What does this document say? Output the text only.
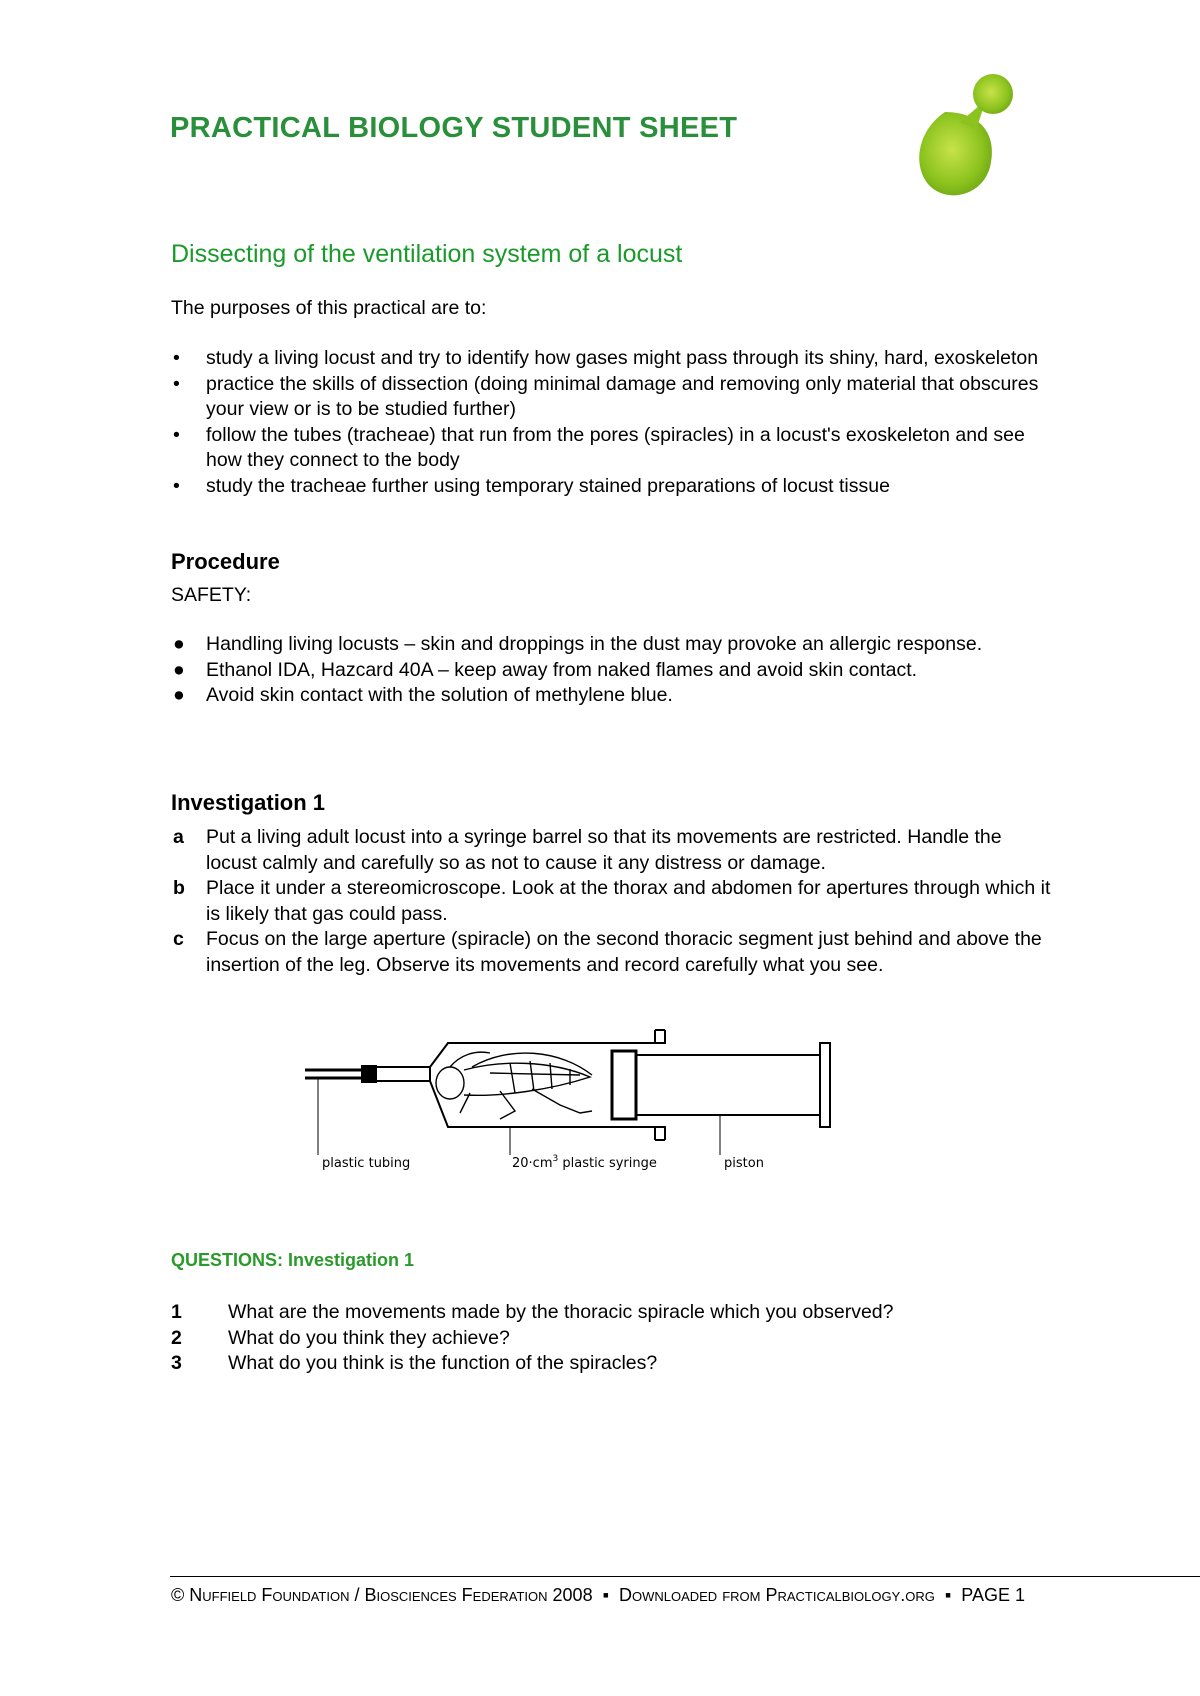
PRACTICAL BIOLOGY STUDENT SHEET
Dissecting of the ventilation system of a locust
The purposes of this practical are to:
• study a living locust and try to identify how gases might pass through its shiny, hard, exoskeleton
• practice the skills of dissection (doing minimal damage and removing only material that obscures your view or is to be studied further)
• follow the tubes (tracheae) that run from the pores (spiracles) in a locust's exoskeleton and see how they connect to the body
• study the tracheae further using temporary stained preparations of locust tissue
Procedure
SAFETY:
● Handling living locusts – skin and droppings in the dust may provoke an allergic response.
● Ethanol IDA, Hazcard 40A – keep away from naked flames and avoid skin contact.
● Avoid skin contact with the solution of methylene blue.
Investigation 1
a Put a living adult locust into a syringe barrel so that its movements are restricted. Handle the locust calmly and carefully so as not to cause it any distress or damage.
b Place it under a stereomicroscope. Look at the thorax and abdomen for apertures through which it is likely that gas could pass.
c Focus on the large aperture (spiracle) on the second thoracic segment just behind and above the insertion of the leg. Observe its movements and record carefully what you see.
plastic tubing	$20\cdot cm^3$ plastic syringe	piston
QUESTIONS: Investigation 1
1 What are the movements made by the thoracic spiracle which you observed?
2 What do you think they achieve?
3 What do you think is the function of the spiracles?
© Nuffield Foundation / Biosciences Federation 2008 ▪ Downloaded from Practicalbiology.org ▪ PAGE 1
